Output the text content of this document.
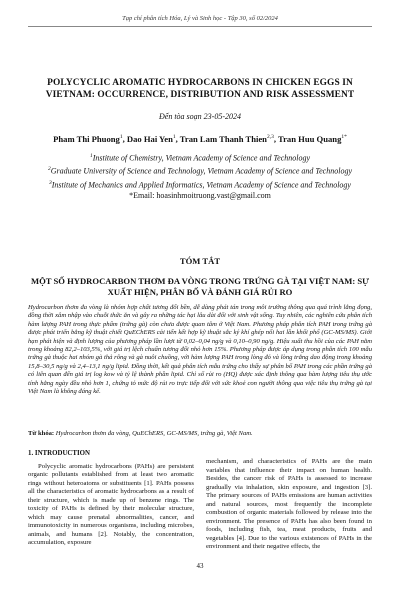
Tạp chí phân tích Hóa, Lý và Sinh học - Tập 30, số 02/2024
POLYCYCLIC AROMATIC HYDROCARBONS IN CHICKEN EGGS IN VIETNAM: OCCURRENCE, DISTRIBUTION AND RISK ASSESSMENT
Đến tòa soạn 23-05-2024
Pham Thi Phuong$^1$, Dao Hai Yen$^1$, Tran Lam Thanh Thien$^{2,3}$, Tran Huu Quang$^{1*}$

$^1$Institute of Chemistry, Vietnam Academy of Science and Technology

$^2$Graduate University of Science and Technology, Vietnam Academy of Science and Technology

$^3$Institute of Mechanics and Applied Informatics, Vietnam Academy of Science and Technology

*Email: hoasinhmoitruong.vast@gmail.com

TÓM TẮT
MỘT SỐ HYDROCARBON THƠM ĐA VÒNG TRONG TRỨNG GÀ TẠI VIỆT NAM: SỰ XUẤT HIỆN, PHÂN BỐ VÀ ĐÁNH GIÁ RỦI RO
Hydrocarbon thơm đa vòng là nhóm hợp chất tương đối bền, dễ dàng phát tán trong môi trường thông qua quá trình lắng đọng, đồng thời xâm nhập vào chuỗi thức ăn và gây ra những tác hại lâu dài đối với sinh vật sống. Tuy nhiên, các nghiên cứu phân tích hàm lượng PAH trong thực phẩm (trứng gà) còn chưa được quan tâm ở Việt Nam. Phương pháp phân tích PAH trong trứng gà được phát triển bằng kỹ thuật chiết QuEChERS cải tiến kết hợp kỹ thuật sắc ký khí ghép nối hai lần khối phổ (GC-MS/MS). Giới hạn phát hiện và định lượng của phương pháp lần lượt từ 0,02–0,04 ng/g và 0,10–0,90 ng/g. Hiệu suất thu hồi của các PAH nằm trong khoảng 82,2–103,5%, với giá trị lệch chuẩn tương đối nhỏ hơn 15%. Phương pháp được áp dụng trong phân tích 100 mẫu trứng gà thuộc hai nhóm gà thả rông và gà nuôi chuồng, với hàm lượng PAH trong lòng đỏ và lòng trắng dao động trong khoảng 15,8–30,5 ng/g và 2,4–13,1 ng/g lipid. Đồng thời, kết quả phân tích mẫu trứng cho thấy sự phân bố PAH trong các phần trứng gà có liên quan đến giá trị log kow và tỷ lệ thành phần lipid. Chỉ số rủi ro (HQ) được xác định thông qua hàm lượng tiêu thụ ước tính hằng ngày đều nhỏ hơn 1, chứng tỏ mức độ rủi ro trực tiếp đối với sức khoẻ con người thông qua việc tiêu thụ trứng gà tại Việt Nam là không đáng kể.
Từ khóa: Hydrocarbon thơm đa vòng, QuEChERS, GC-MS/MS, trứng gà, Việt Nam.
1. INTRODUCTION

Polycyclic aromatic hydrocarbons (PAHs) are persistent organic pollutants established from at least two aromatic rings without heteroatoms or substituents [1]. PAHs possess all the characteristics of aromatic hydrocarbons as a result of their structure, which is made up of benzene rings. The toxicity of PAHs is defined by their molecular structure, which may cause prenatal abnormalities, cancer, and immunotoxicity in numerous organisms, including microbes, animals, and humans [2]. Notably, the concentration, accumulation, exposure

mechanism, and characteristics of PAHs are the main variables that influence their impact on human health. Besides, the cancer risk of PAHs is assessed to increase gradually via inhalation, skin exposure, and ingestion [3]. The primary sources of PAHs emissions are human activities and natural sources, most frequently the incomplete combustion of organic materials followed by release into the environment. The presence of PAHs has also been found in foods, including fish, tea, meat products, fruits and vegetables [4]. Due to the various existences of PAHs in the environment and their negative effects, the

43
